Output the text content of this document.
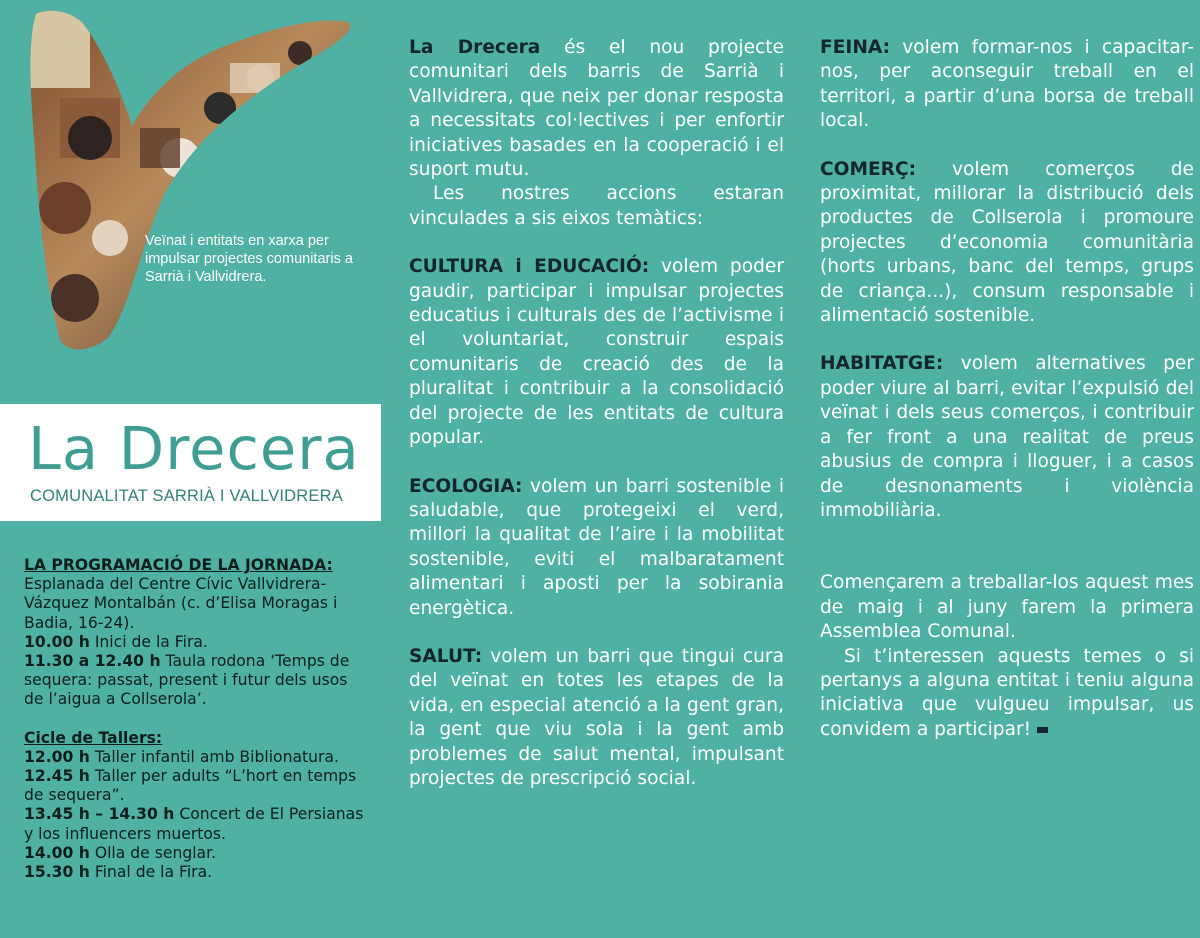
Veïnat i entitats en xarxa per impulsar projectes comunitaris a Sarrià i Vallvidrera.
La Drecera
COMUNALITAT SARRIÀ I VALLVIDRERA

LA PROGRAMACIÓ DE LA JORNADA:

Esplanada del Centre Cívic Vallvidrera-Vázquez Montalbán (c. d’Elisa Moragas i Badia, 16-24).

10.00 h Inici de la Fira.

11.30 a 12.40 h Taula rodona ‘Temps de sequera: passat, present i futur dels usos de l’aigua a Collserola’.

Cicle de Tallers:

12.00 h Taller infantil amb Biblionatura.

12.45 h Taller per adults “L’hort en temps de sequera”.

13.45 h – 14.30 h Concert de El Persianas y los influencers muertos.

14.00 h Olla de senglar.

15.30 h Final de la Fira.

La Drecera és el nou projecte comunitari dels barris de Sarrià i Vallvidrera, que neix per donar resposta a necessitats col·lectives i per enfortir iniciatives basades en la cooperació i el suport mutu.

Les nostres accions estaran vinculades a sis eixos temàtics:

CULTURA i EDUCACIÓ: volem poder gaudir, participar i impulsar projectes educatius i culturals des de l’activisme i el voluntariat, construir espais comunitaris de creació des de la pluralitat i contribuir a la consolidació del projecte de les entitats de cultura popular.

ECOLOGIA: volem un barri sostenible i saludable, que protegeixi el verd, millori la qualitat de l’aire i la mobilitat sostenible, eviti el malbaratament alimentari i aposti per la sobirania energètica.

SALUT: volem un barri que tingui cura del veïnat en totes les etapes de la vida, en especial atenció a la gent gran, la gent que viu sola i la gent amb problemes de salut mental, impulsant projectes de prescripció social.

FEINA: volem formar-nos i capacitar-nos, per aconseguir treball en el territori, a partir d’una borsa de treball local.

COMERÇ: volem comerços de proximitat, millorar la distribució dels productes de Collserola i promoure projectes d’economia comunitària (horts urbans, banc del temps, grups de criança...), consum responsable i alimentació sostenible.

HABITATGE: volem alternatives per poder viure al barri, evitar l’expulsió del veïnat i dels seus comerços, i contribuir a fer front a una realitat de preus abusius de compra i lloguer, i a casos de desnonaments i violència immobiliària.

Començarem a treballar-los aquest mes de maig i al juny farem la primera Assemblea Comunal.

Si t’interessen aquests temes o si pertanys a alguna entitat i teniu alguna iniciativa que vulgueu impulsar, us convidem a participar!
